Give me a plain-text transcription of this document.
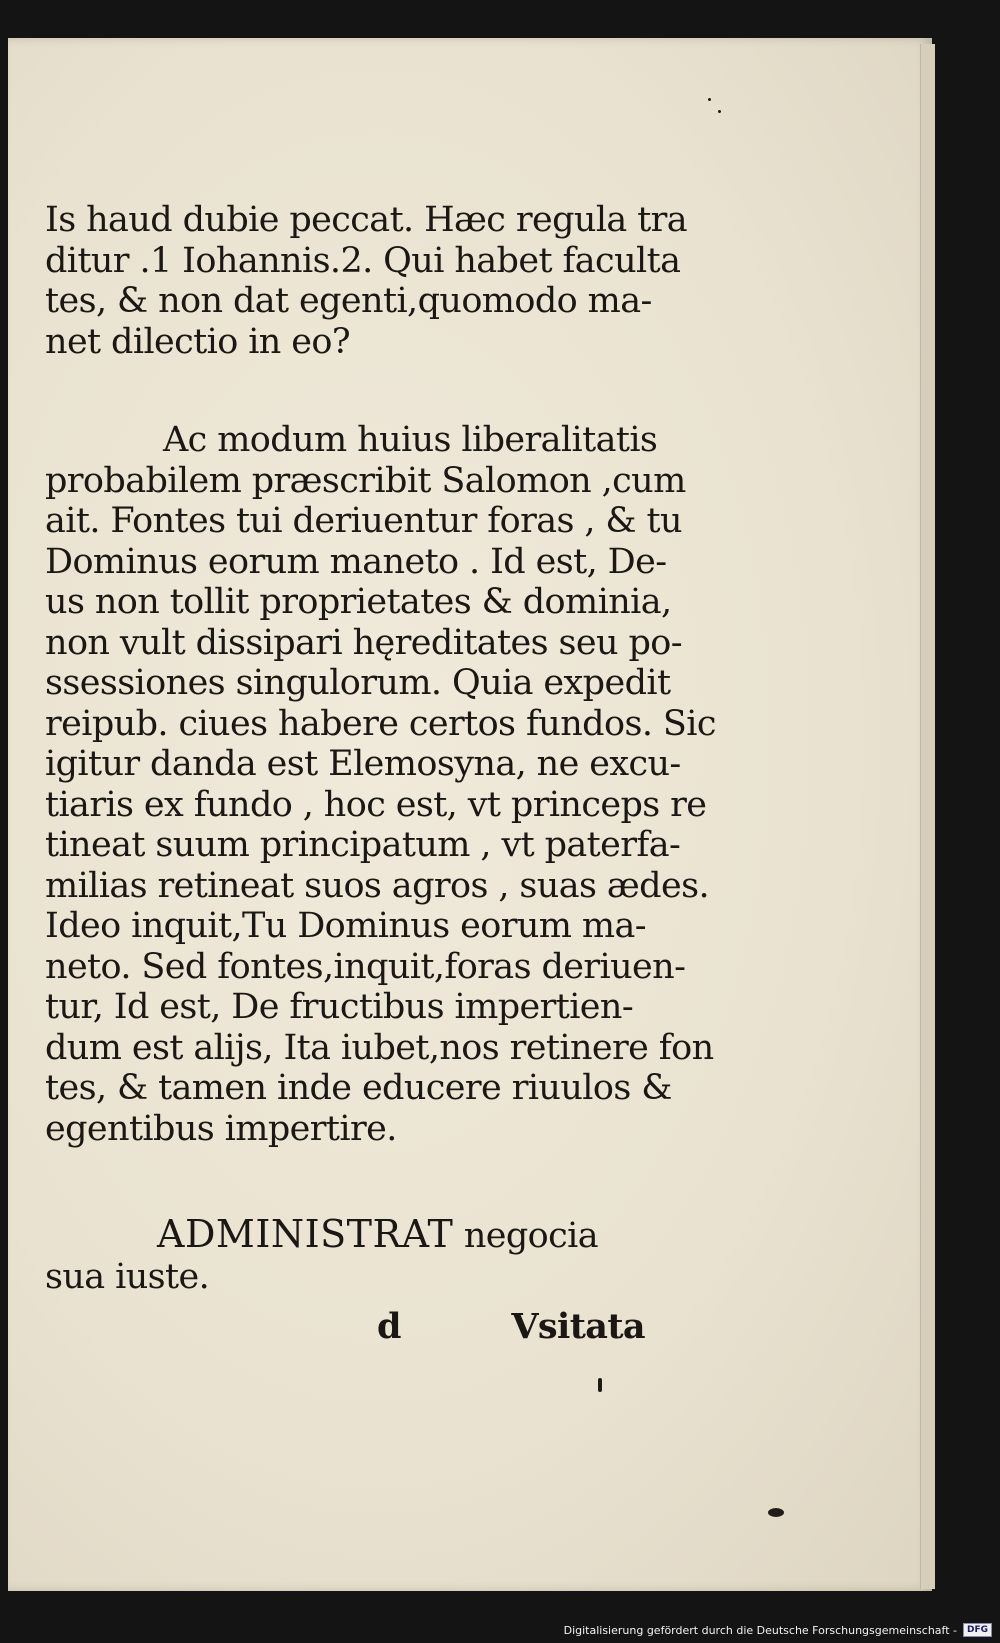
Is haud dubie peccat. Hæc regula tra

ditur .1 Iohannis.2. Qui habet faculta

tes, & non dat egenti,quomodo ma-

net dilectio in eo?

Ac modum huius liberalitatis

probabilem præscribit Salomon ,cum

ait. Fontes tui deriuentur foras , & tu

Dominus eorum maneto . Id est, De-

us non tollit proprietates & dominia,

non vult dissipari hęreditates seu po-

ssessiones singulorum. Quia expedit

reipub. ciues habere certos fundos. Sic

igitur danda est Elemosyna, ne excu-

tiaris ex fundo , hoc est, vt princeps re

tineat suum principatum , vt paterfa-

milias retineat suos agros , suas ædes.

Ideo inquit,Tu Dominus eorum ma-

neto. Sed fontes,inquit,foras deriuen-

tur, Id est, De fructibus impertien-

dum est alijs, Ita iubet,nos retinere fon

tes, & tamen inde educere riuulos &

egentibus impertire.

ADMINISTRAT negocia

sua iuste.

d	Vsitata
Digitalisierung gefördert durch die Deutsche Forschungsgemeinschaft -	DFG
